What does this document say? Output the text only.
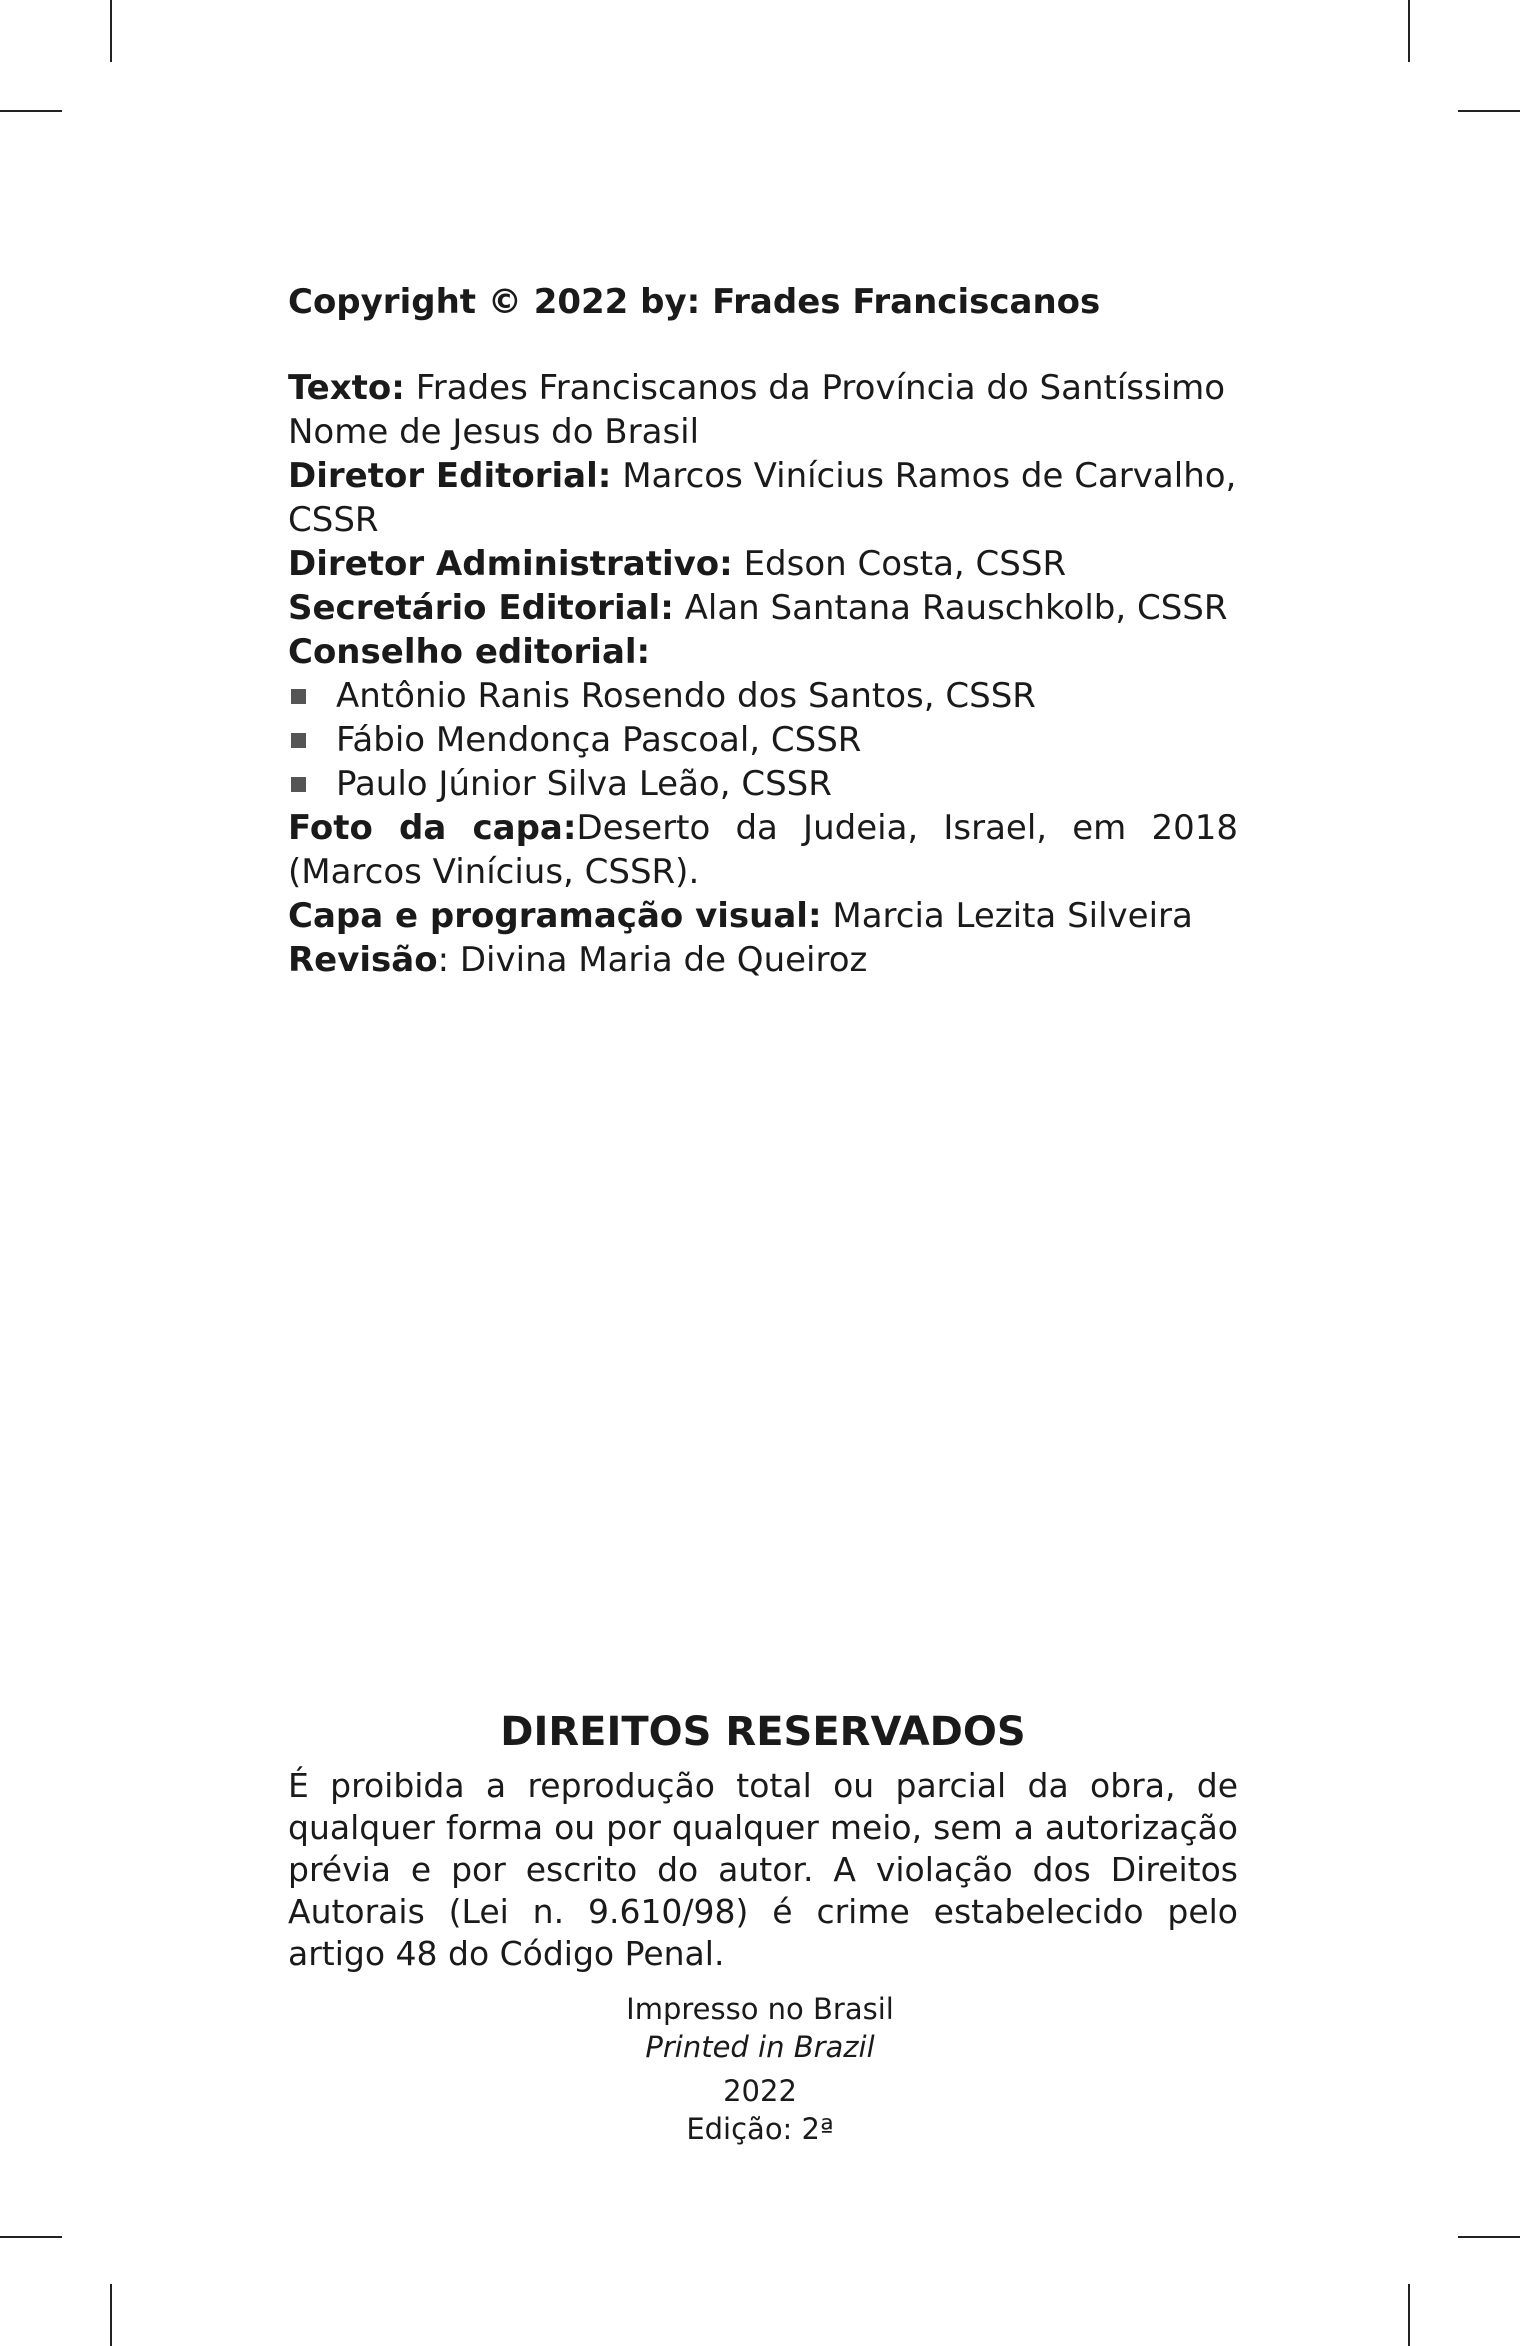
Copyright © 2022 by: Frades Franciscanos

Texto: Frades Franciscanos da Província do Santíssimo Nome de Jesus do Brasil

Diretor Editorial: Marcos Vinícius Ramos de Carvalho, CSSR

Diretor Administrativo: Edson Costa, CSSR

Secretário Editorial: Alan Santana Rauschkolb, CSSR

Conselho editorial:

Antônio Ranis Rosendo dos Santos, CSSR
Fábio Mendonça Pascoal, CSSR
Paulo Júnior Silva Leão, CSSR

Foto da capa:Deserto da Judeia, Israel, em 2018 (Marcos Vinícius, CSSR).

Capa e programação visual: Marcia Lezita Silveira

Revisão: Divina Maria de Queiroz

DIREITOS RESERVADOS

É proibida a reprodução total ou parcial da obra, de qualquer forma ou por qualquer meio, sem a autorização prévia e por escrito do autor. A violação dos Direitos Autorais (Lei n. 9.610/98) é crime estabelecido pelo artigo 48 do Código Penal.

Impresso no Brasil
Printed in Brazil
2022
Edição: 2ª
